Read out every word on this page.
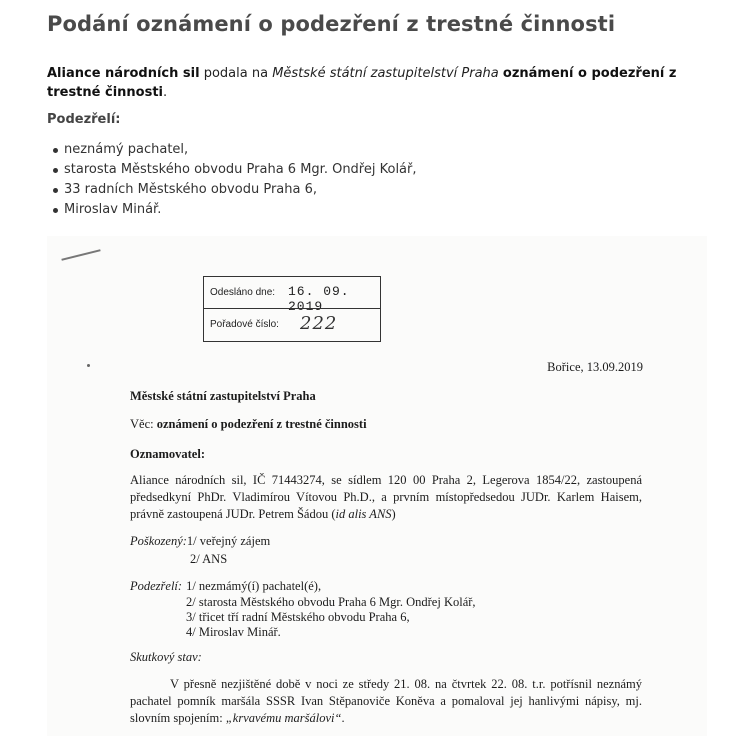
Podání oznámení o podezření z trestné činnosti

Aliance národních sil podala na Městské státní zastupitelství Praha oznámení o podezření z trestné činnosti.

Podezřelí:
neznámý pachatel,
starosta Městského obvodu Praha 6 Mgr. Ondřej Kolář,
33 radních Městského obvodu Praha 6,
Miroslav Minář.
Odesláno dne: 16. 09. 2019
Pořadové číslo: 222
Bořice, 13.09.2019
Městské státní zastupitelství Praha
Věc: oznámení o podezření z trestné činnosti
Oznamovatel:
Aliance národních sil, IČ 71443274, se sídlem 120 00 Praha 2, Legerova 1854/22, zastoupená předsedkyní PhDr. Vladimírou Vítovou Ph.D., a prvním místopředsedou JUDr. Karlem Haisem, právně zastoupená JUDr. Petrem Šádou (id alis ANS)
Poškozený:1/ veřejný zájem
2/ ANS
Podezřelí: 1/ nezmámý(í) pachatel(é),
2/ starosta Městského obvodu Praha 6 Mgr. Ondřej Kolář,
3/ třicet tří radní Městského obvodu Praha 6,
4/ Miroslav Minář.
Skutkový stav:
V přesně nezjištěné době v noci ze středy 21. 08. na čtvrtek 22. 08. t.r. potřísnil neznámý pachatel pomník maršála SSSR Ivan Stěpanoviče Koněva a pomaloval jej hanlivými nápisy, mj. slovním spojením: „krvavému maršálovi“.
